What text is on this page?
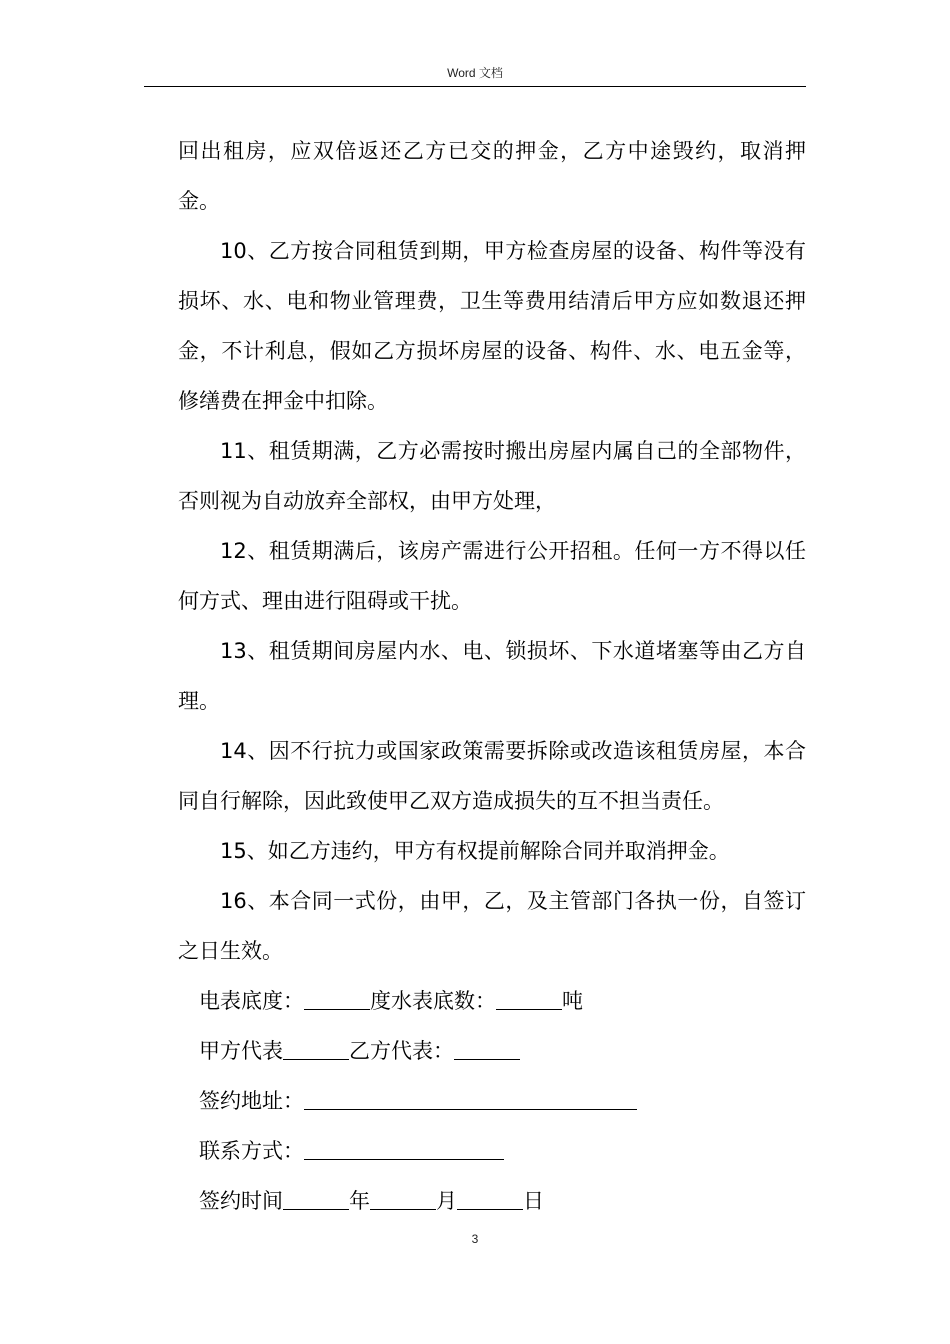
Word 文档

回出租房，应双倍返还乙方已交的押金，乙方中途毁约，取消押金。

10、乙方按合同租赁到期，甲方检查房屋的设备、构件等没有损坏、水、电和物业管理费，卫生等费用结清后甲方应如数退还押金，不计利息，假如乙方损坏房屋的设备、构件、水、电五金等，修缮费在押金中扣除。

11、租赁期满，乙方必需按时搬出房屋内属自己的全部物件，否则视为自动放弃全部权，由甲方处理，

12、租赁期满后，该房产需进行公开招租。任何一方不得以任何方式、理由进行阻碍或干扰。

13、租赁期间房屋内水、电、锁损坏、下水道堵塞等由乙方自理。

14、因不行抗力或国家政策需要拆除或改造该租赁房屋，本合同自行解除，因此致使甲乙双方造成损失的互不担当责任。

15、如乙方违约，甲方有权提前解除合同并取消押金。

16、本合同一式份，由甲，乙，及主管部门各执一份，自签订之日生效。

电表底度：	度水表底数：	吨

甲方代表	乙方代表：

签约地址：

联系方式：

签约时间	年	月	日

3
